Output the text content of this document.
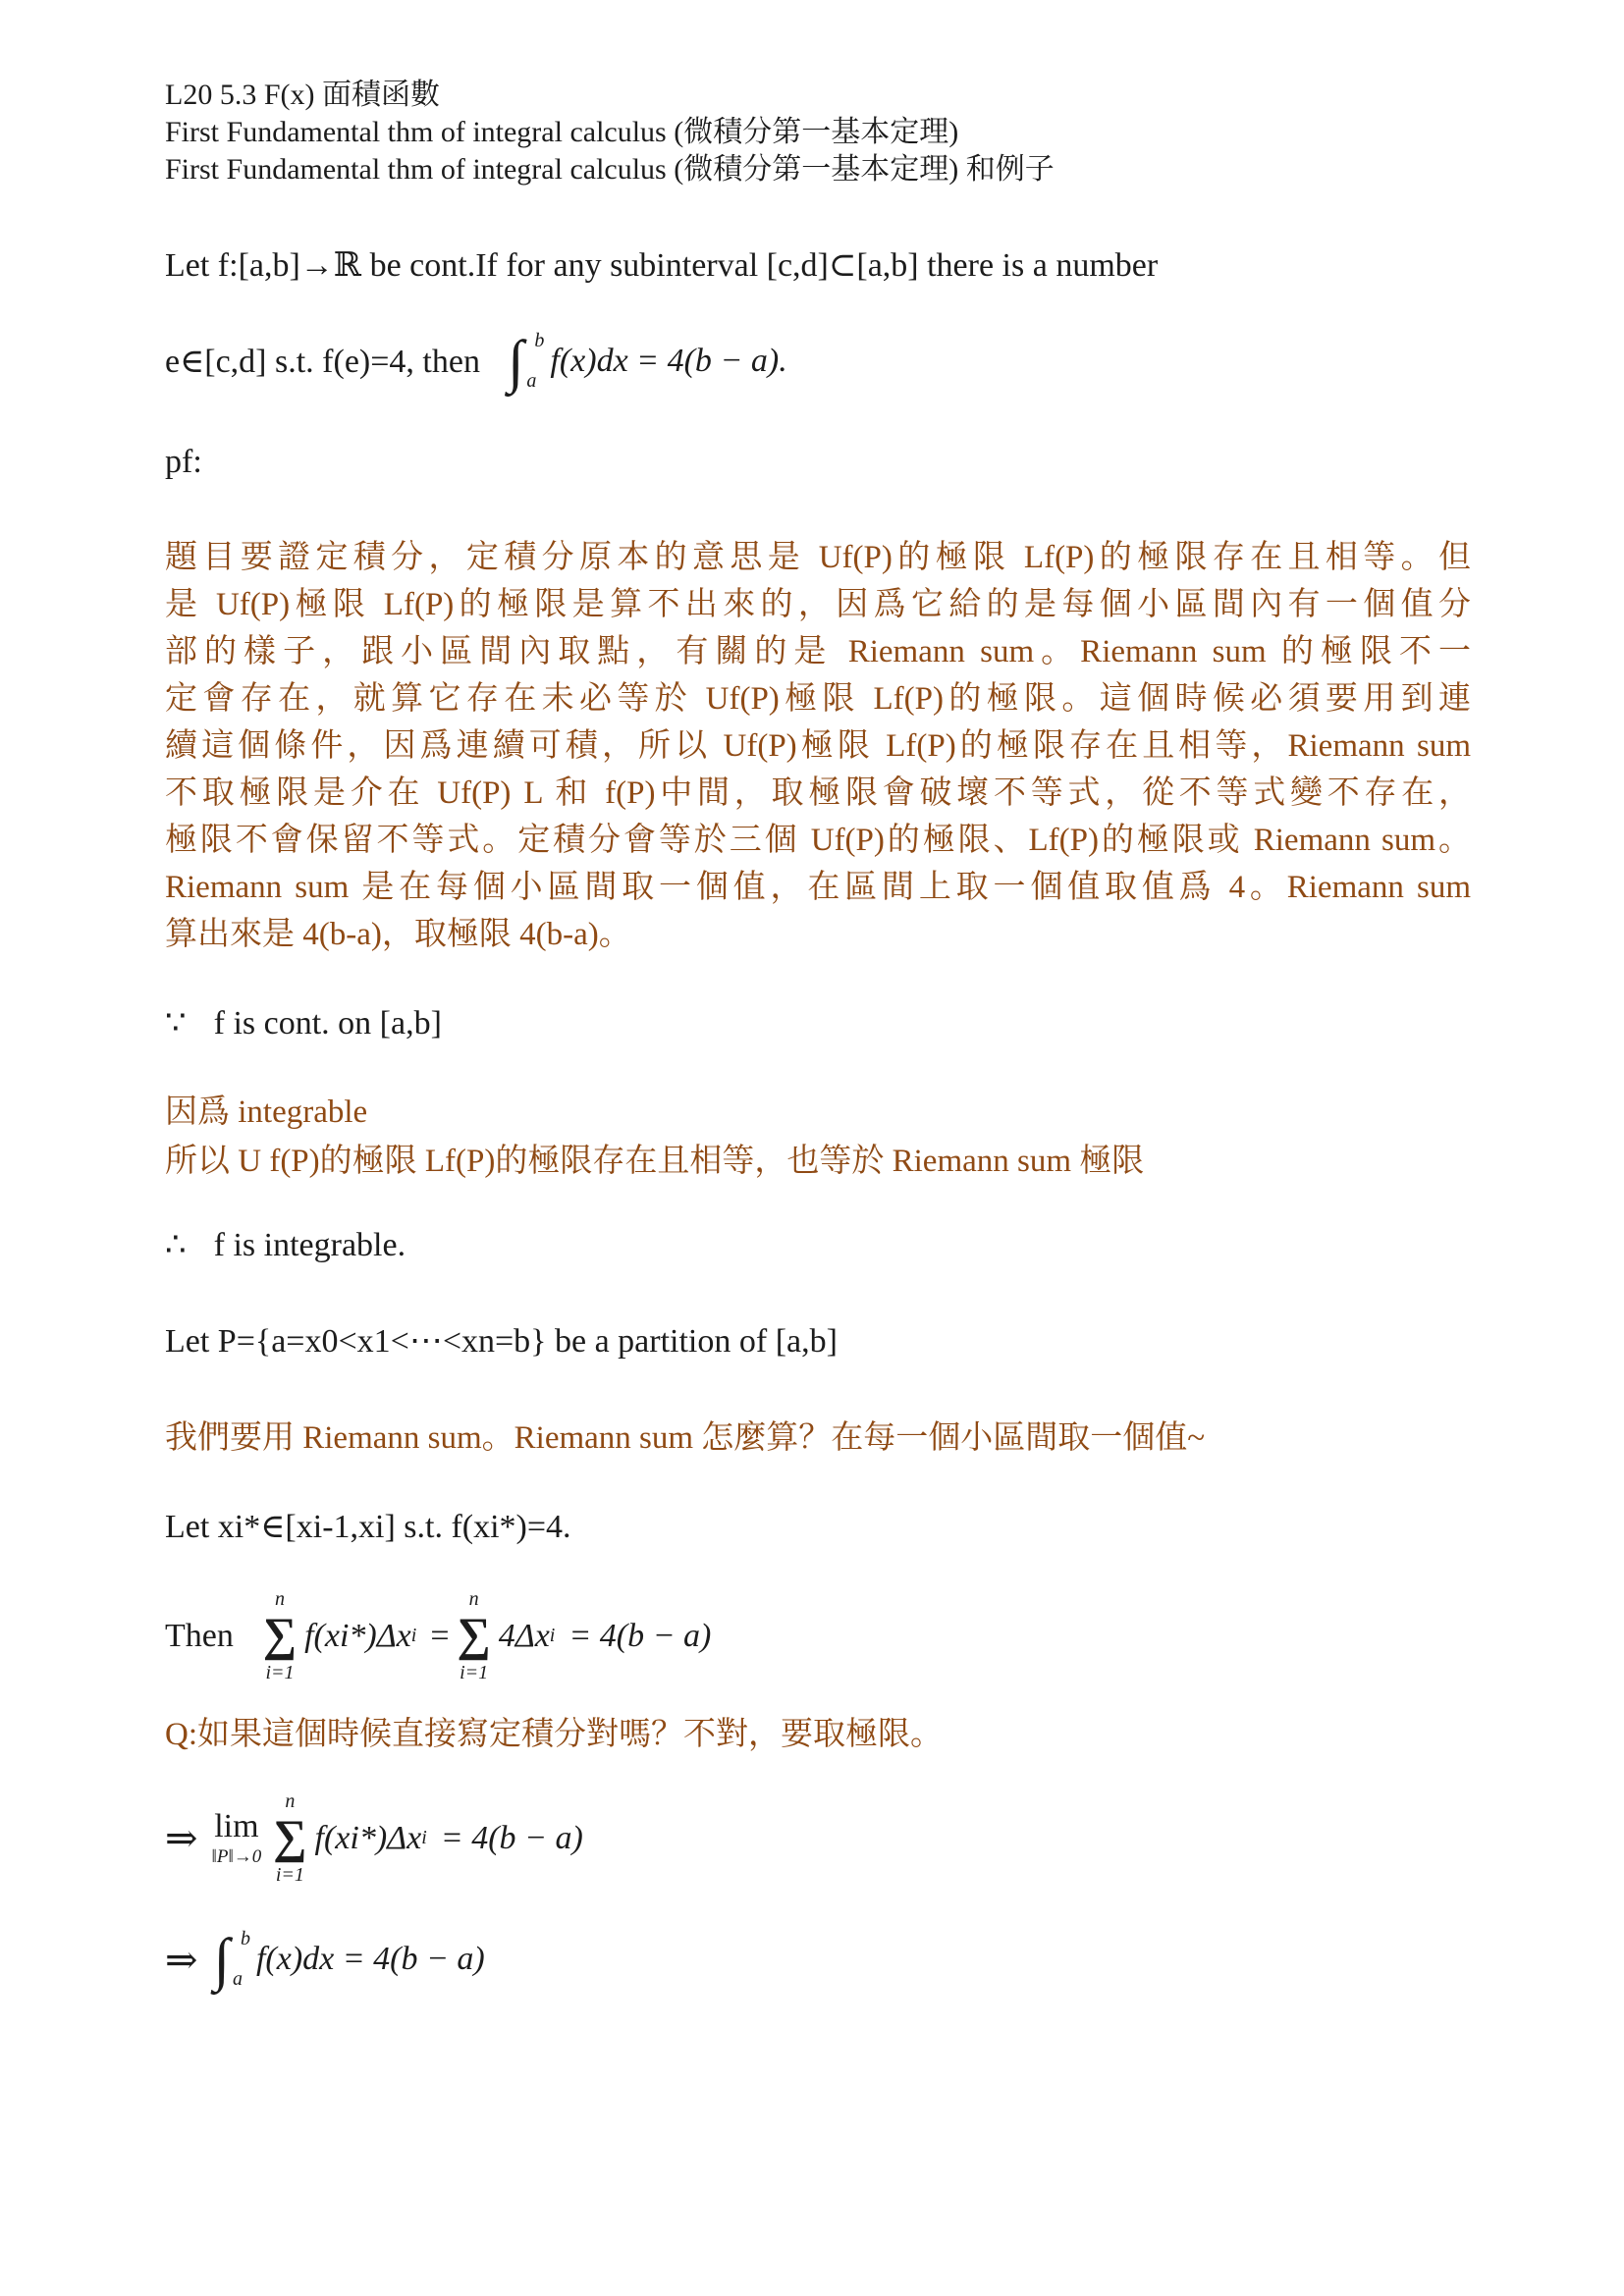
L20 5.3 F(x) 面積函數
First Fundamental thm of integral calculus (微積分第一基本定理)
First Fundamental thm of integral calculus (微積分第一基本定理) 和例子
Let f:[a,b]→ℝ be cont.If for any subinterval [c,d]⊂[a,b] there is a number
e∈[c,d] s.t. f(e)=4, then ∫ b
a
f(x)dx = 4(b − a).
pf:
題目要證定積分，定積分原本的意思是 Uf(P)的極限 Lf(P)的極限存在且相等。但
是 Uf(P)極限 Lf(P)的極限是算不出來的，因爲它給的是每個小區間內有一個值分
部的樣子，跟小區間內取點，有關的是 Riemann sum。Riemann sum 的極限不一
定會存在，就算它存在未必等於 Uf(P)極限 Lf(P)的極限。這個時候必須要用到連
續這個條件，因爲連續可積，所以 Uf(P)極限 Lf(P)的極限存在且相等，Riemann sum
不取極限是介在 Uf(P) L 和 f(P)中間，取極限會破壞不等式，從不等式變不存在，
極限不會保留不等式。定積分會等於三個 Uf(P)的極限、Lf(P)的極限或 Riemann sum。
Riemann sum 是在每個小區間取一個值，在區間上取一個值取值爲 4。Riemann sum
算出來是 4(b-a)，取極限 4(b-a)。
∵ f is cont. on [a,b]
因爲 integrable
所以 U f(P)的極限 Lf(P)的極限存在且相等，也等於 Riemann sum 極限
∴ f is integrable.
Let P={a=x0<x1<⋯<xn=b} be a partition of [a,b]
我們要用 Riemann sum。Riemann sum 怎麼算？在每一個小區間取一個值~
Let xi*∈[xi-1,xi] s.t. f(xi*)=4.
Then
n
∑
i=1
f(xi*)Δx i =
n
∑
i=1
4Δx i = 4(b − a)
Q:如果這個時候直接寫定積分對嗎？不對，要取極限。
⇒ lim
‖P‖→0
n
∑
i=1
f(xi*)Δx i = 4(b − a)
⇒ ∫ b
a
f(x)dx = 4(b − a)
